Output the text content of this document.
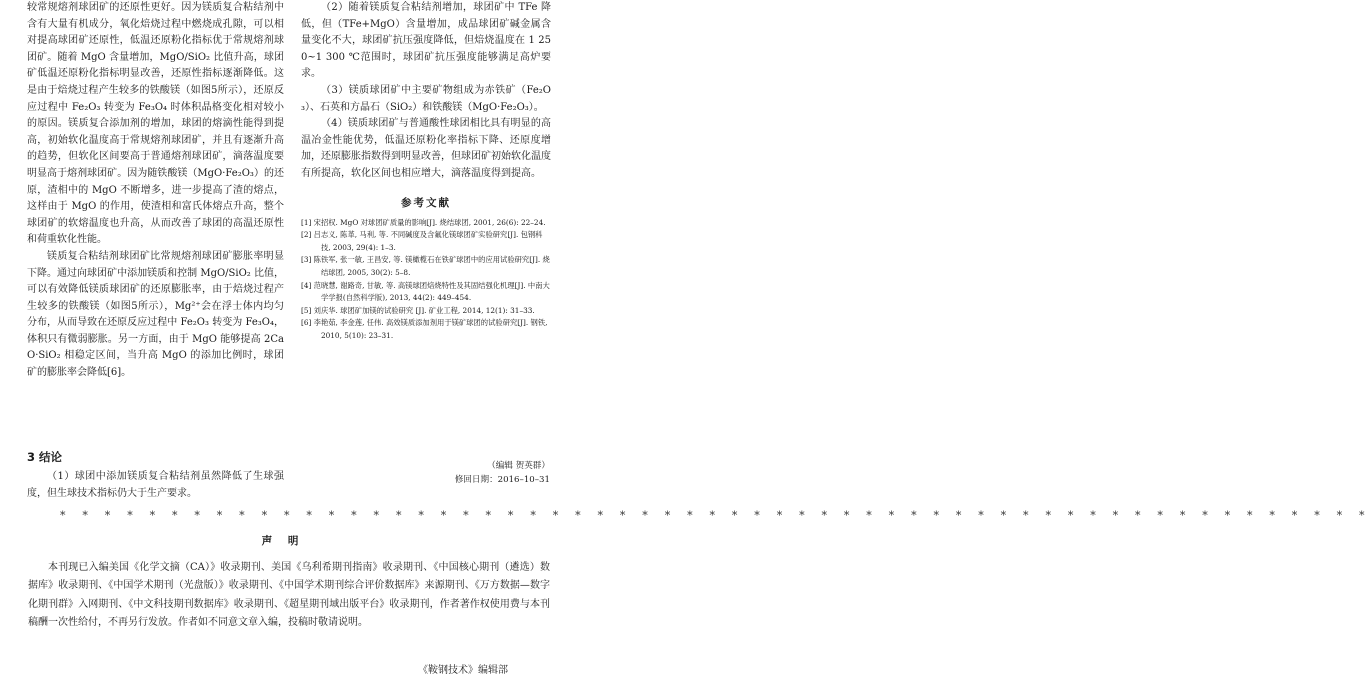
较常规熔剂球团矿的还原性更好。因为镁质复合粘结剂中含有大量有机成分，氧化焙烧过程中燃烧成孔隙，可以相对提高球团矿还原性，低温还原粉化指标优于常规熔剂球团矿。随着 MgO 含量增加，MgO/SiO₂ 比值升高，球团矿低温还原粉化指标明显改善，还原性指标逐渐降低。这是由于焙烧过程产生较多的铁酸镁（如图5所示），还原反应过程中 Fe₂O₃ 转变为 Fe₃O₄ 时体积晶格变化相对较小的原因。镁质复合添加剂的增加，球团的熔滴性能得到提高，初始软化温度高于常规熔剂球团矿，并且有逐渐升高的趋势，但软化区间要高于普通熔剂球团矿，滴落温度要明显高于熔剂球团矿。因为随铁酸镁（MgO·Fe₂O₃）的还原，渣相中的 MgO 不断增多，进一步提高了渣的熔点，这样由于 MgO 的作用，使渣相和富氏体熔点升高，整个球团矿的软熔温度也升高，从而改善了球团的高温还原性和荷重软化性能。

镁质复合粘结剂球团矿比常规熔剂球团矿膨胀率明显下降。通过向球团矿中添加镁质和控制 MgO/SiO₂ 比值，可以有效降低镁质球团矿的还原膨胀率，由于焙烧过程产生较多的铁酸镁（如图5所示），Mg²⁺会在浮士体内均匀分布，从而导致在还原反应过程中 Fe₂O₃ 转变为 Fe₃O₄，体积只有微弱膨胀。另一方面，由于 MgO 能够提高 2CaO·SiO₂ 相稳定区间，当升高 MgO 的添加比例时，球团矿的膨胀率会降低[6]。

3 结论

（1）球团中添加镁质复合粘结剂虽然降低了生球强度，但生球技术指标仍大于生产要求。

（2）随着镁质复合粘结剂增加，球团矿中 TFe 降低，但（TFe+MgO）含量增加，成品球团矿碱金属含量变化不大，球团矿抗压强度降低，但焙烧温度在 1 250~1 300 ℃范围时，球团矿抗压强度能够满足高炉要求。

（3）镁质球团矿中主要矿物组成为赤铁矿（Fe₂O₃）、石英和方晶石（SiO₂）和铁酸镁（MgO·Fe₂O₃）。

（4）镁质球团矿与普通酸性球团相比具有明显的高温冶金性能优势，低温还原粉化率指标下降、还原度增加，还原膨胀指数得到明显改善，但球团矿初始软化温度有所提高，软化区间也相应增大，滴落温度得到提高。

参考文献

[1] 宋招权. MgO 对球团矿质量的影响[J]. 烧结球团, 2001, 26(6): 22–24.

[2] 吕志义, 陈革, 马利, 等. 不同碱度及含氟化镁球团矿实验研究[J]. 包钢科技, 2003, 29(4): 1–3.

[3] 陈铁军, 张一敏, 王昌安, 等. 镁橄榄石在铁矿球团中的应用试验研究[J]. 烧结球团, 2005, 30(2): 5–8.

[4] 范晓慧, 谢路奇, 甘敏, 等. 高镁球团焙烧特性及其固结强化机理[J]. 中南大学学报(自然科学版), 2013, 44(2): 449–454.

[5] 刘庆华. 球团矿加镁的试验研究 [J]. 矿业工程, 2014, 12(1): 31–33.

[6] 李艳茹, 李金莲, 任伟. 高效镁质添加剂用于镁矿球团的试验研究[J]. 钢铁, 2010, 5(10): 23–31.

（编辑 贺英群）
修回日期：2016–10–31
* * * * * * * * * * * * * * * * * * * * * * * * * * * * * * * * * * * * * * * * * * * * * * * * * * * * * * * * * * *

声 明

本刊现已入编美国《化学文摘（CA）》收录期刊、美国《乌利希期刊指南》收录期刊、《中国核心期刊（遴选）数据库》收录期刊、《中国学术期刊（光盘版）》收录期刊、《中国学术期刊综合评价数据库》来源期刊、《万方数据—数字化期刊群》入网期刊、《中文科技期刊数据库》收录期刊、《超星期刊域出版平台》收录期刊，作者著作权使用费与本刊稿酬一次性给付，不再另行发放。作者如不同意文章入编，投稿时敬请说明。

《鞍钢技术》编辑部
